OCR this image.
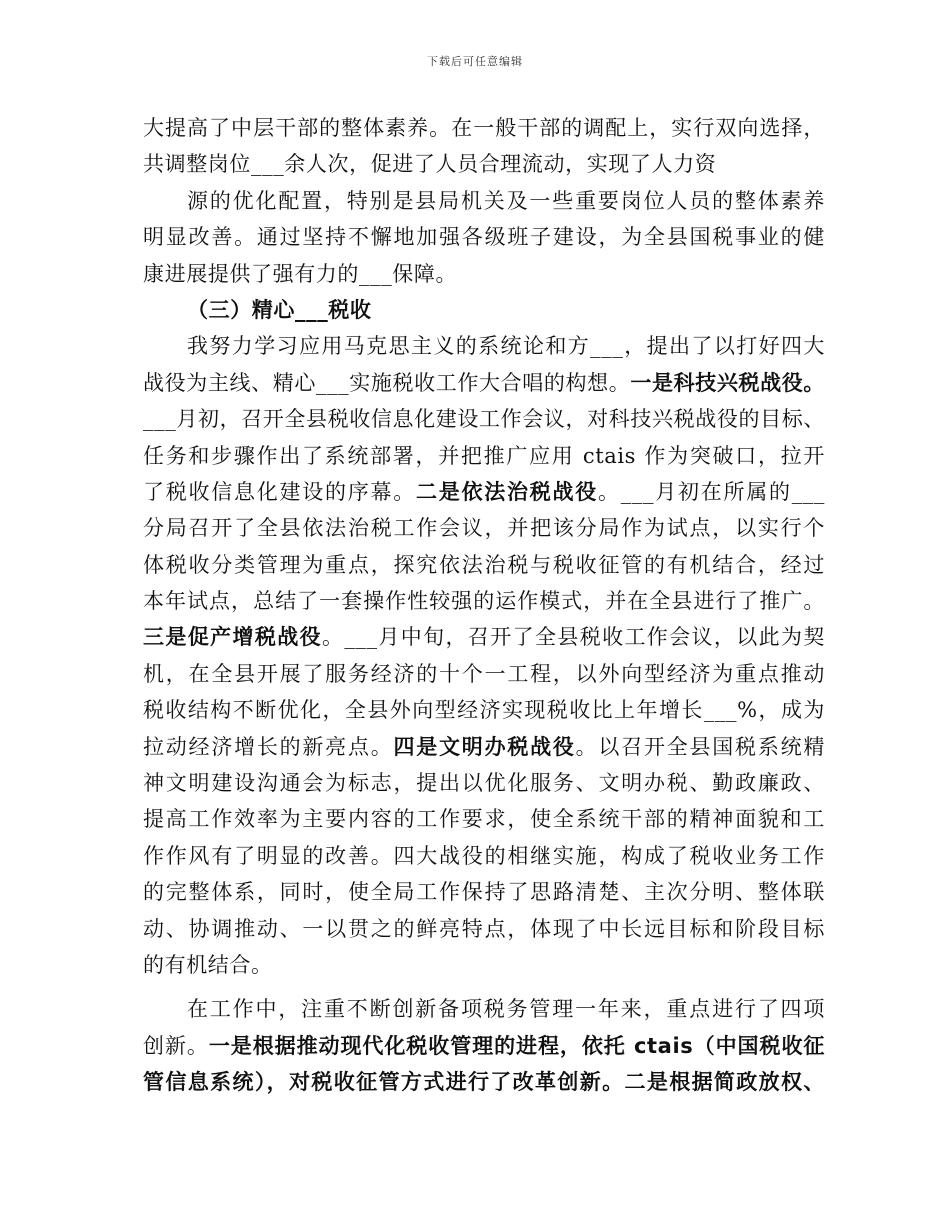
下载后可任意编辑
大提高了中层干部的整体素养。在一般干部的调配上，实行双向选择，
共调整岗位___余人次，促进了人员合理流动，实现了人力资
源的优化配置，特别是县局机关及一些重要岗位人员的整体素养
明显改善。通过坚持不懈地加强各级班子建设，为全县国税事业的健
康进展提供了强有力的___保障。
（三）精心___税收
我努力学习应用马克思主义的系统论和方___，提出了以打好四大
战役为主线、精心___实施税收工作大合唱的构想。一是科技兴税战役。
___月初，召开全县税收信息化建设工作会议，对科技兴税战役的目标、
任务和步骤作出了系统部署，并把推广应用 ctais 作为突破口，拉开
了税收信息化建设的序幕。二是依法治税战役。___月初在所属的___
分局召开了全县依法治税工作会议，并把该分局作为试点，以实行个
体税收分类管理为重点，探究依法治税与税收征管的有机结合，经过
本年试点，总结了一套操作性较强的运作模式，并在全县进行了推广。
三是促产增税战役。___月中旬，召开了全县税收工作会议，以此为契
机，在全县开展了服务经济的十个一工程，以外向型经济为重点推动
税收结构不断优化，全县外向型经济实现税收比上年增长___%，成为
拉动经济增长的新亮点。四是文明办税战役。以召开全县国税系统精
神文明建设沟通会为标志，提出以优化服务、文明办税、勤政廉政、
提高工作效率为主要内容的工作要求，使全系统干部的精神面貌和工
作作风有了明显的改善。四大战役的相继实施，构成了税收业务工作
的完整体系，同时，使全局工作保持了思路清楚、主次分明、整体联
动、协调推动、一以贯之的鲜亮特点，体现了中长远目标和阶段目标
的有机结合。
在工作中，注重不断创新备项税务管理一年来，重点进行了四项
创新。一是根据推动现代化税收管理的进程，依托 ctais（中国税收征
管信息系统），对税收征管方式进行了改革创新。二是根据简政放权、
